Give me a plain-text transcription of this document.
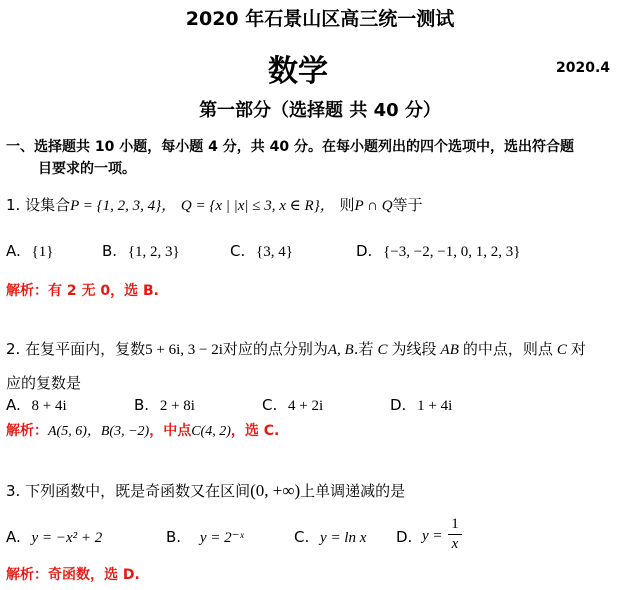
2020 年石景山区高三统一测试
数学	2020.4
第一部分（选择题 共 40 分）
一、选择题共 10 小题，每小题 4 分，共 40 分。在每小题列出的四个选项中，选出符合题
目要求的一项。
1. 设集合P = {1, 2, 3, 4}， Q = {x | |x| ≤ 3, x ∈ R}， 则P ∩ Q等于
A. {1}	B. {1, 2, 3}	C. {3, 4}	D. {−3, −2, −1, 0, 1, 2, 3}
解析：有 2 无 0，选 B.
2. 在复平面内，复数5 + 6i, 3 − 2i对应的点分别为A, B.若 C 为线段 AB 的中点，则点 C 对
应的复数是
A. 8 + 4i	B. 2 + 8i	C. 4 + 2i	D. 1 + 4i
解析：A(5, 6)，B(3, −2)，中点C(4, 2)，选 C.
3. 下列函数中，既是奇函数又在区间(0, +∞)上单调递减的是
A. y = −x² + 2	B. y = 2⁻ˣ	C. y = ln x D. y =
1
x
解析：奇函数，选 D.
